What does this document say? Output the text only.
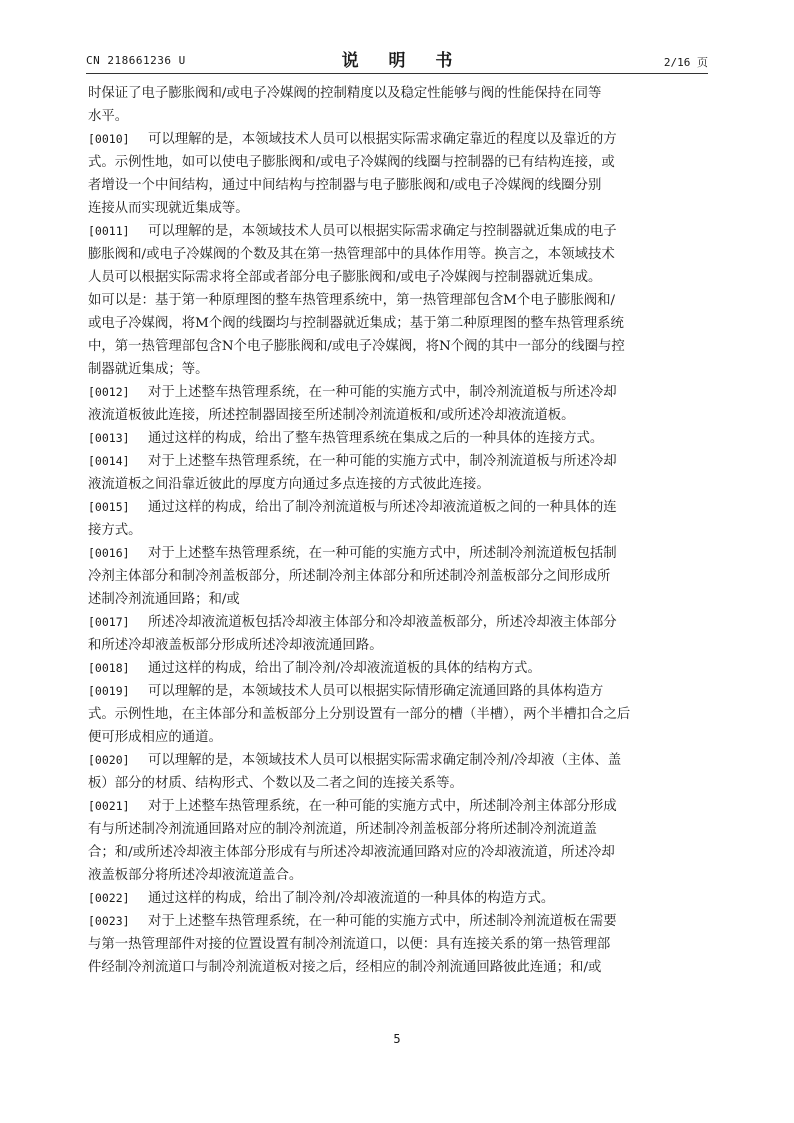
CN 218661236 U	说 明 书	2/16 页
时保证了电子膨胀阀和/或电子冷媒阀的控制精度以及稳定性能够与阀的性能保持在同等
水平。
[0010] 可以理解的是，本领域技术人员可以根据实际需求确定靠近的程度以及靠近的方
式。示例性地，如可以使电子膨胀阀和/或电子冷媒阀的线圈与控制器的已有结构连接，或
者增设一个中间结构，通过中间结构与控制器与电子膨胀阀和/或电子冷媒阀的线圈分别
连接从而实现就近集成等。
[0011] 可以理解的是，本领域技术人员可以根据实际需求确定与控制器就近集成的电子
膨胀阀和/或电子冷媒阀的个数及其在第一热管理部中的具体作用等。换言之，本领域技术
人员可以根据实际需求将全部或者部分电子膨胀阀和/或电子冷媒阀与控制器就近集成。
如可以是：基于第一种原理图的整车热管理系统中，第一热管理部包含M个电子膨胀阀和/
或电子冷媒阀，将M个阀的线圈均与控制器就近集成；基于第二种原理图的整车热管理系统
中，第一热管理部包含N个电子膨胀阀和/或电子冷媒阀，将N个阀的其中一部分的线圈与控
制器就近集成；等。
[0012] 对于上述整车热管理系统，在一种可能的实施方式中，制冷剂流道板与所述冷却
液流道板彼此连接，所述控制器固接至所述制冷剂流道板和/或所述冷却液流道板。
[0013] 通过这样的构成，给出了整车热管理系统在集成之后的一种具体的连接方式。
[0014] 对于上述整车热管理系统，在一种可能的实施方式中，制冷剂流道板与所述冷却
液流道板之间沿靠近彼此的厚度方向通过多点连接的方式彼此连接。
[0015] 通过这样的构成，给出了制冷剂流道板与所述冷却液流道板之间的一种具体的连
接方式。
[0016] 对于上述整车热管理系统，在一种可能的实施方式中，所述制冷剂流道板包括制
冷剂主体部分和制冷剂盖板部分，所述制冷剂主体部分和所述制冷剂盖板部分之间形成所
述制冷剂流通回路；和/或
[0017] 所述冷却液流道板包括冷却液主体部分和冷却液盖板部分，所述冷却液主体部分
和所述冷却液盖板部分形成所述冷却液流通回路。
[0018] 通过这样的构成，给出了制冷剂/冷却液流道板的具体的结构方式。
[0019] 可以理解的是，本领域技术人员可以根据实际情形确定流通回路的具体构造方
式。示例性地，在主体部分和盖板部分上分别设置有一部分的槽（半槽），两个半槽扣合之后
便可形成相应的通道。
[0020] 可以理解的是，本领域技术人员可以根据实际需求确定制冷剂/冷却液（主体、盖
板）部分的材质、结构形式、个数以及二者之间的连接关系等。
[0021] 对于上述整车热管理系统，在一种可能的实施方式中，所述制冷剂主体部分形成
有与所述制冷剂流通回路对应的制冷剂流道，所述制冷剂盖板部分将所述制冷剂流道盖
合；和/或所述冷却液主体部分形成有与所述冷却液流通回路对应的冷却液流道，所述冷却
液盖板部分将所述冷却液流道盖合。
[0022] 通过这样的构成，给出了制冷剂/冷却液流道的一种具体的构造方式。
[0023] 对于上述整车热管理系统，在一种可能的实施方式中，所述制冷剂流道板在需要
与第一热管理部件对接的位置设置有制冷剂流道口，以便：具有连接关系的第一热管理部
件经制冷剂流道口与制冷剂流道板对接之后，经相应的制冷剂流通回路彼此连通；和/或
5
